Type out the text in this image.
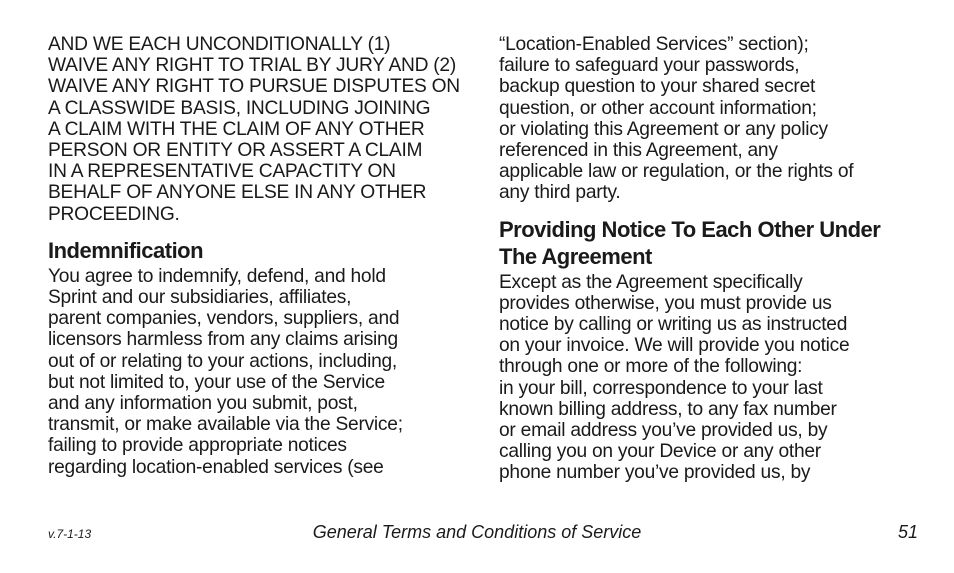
AND WE EACH UNCONDITIONALLY (1)
WAIVE ANY RIGHT TO TRIAL BY JURY AND (2)
WAIVE ANY RIGHT TO PURSUE DISPUTES ON
A CLASSWIDE BASIS, INCLUDING JOINING
A CLAIM WITH THE CLAIM OF ANY OTHER
PERSON OR ENTITY OR ASSERT A CLAIM
IN A REPRESENTATIVE CAPACTITY ON
BEHALF OF ANYONE ELSE IN ANY OTHER
PROCEEDING.

Indemnification

You agree to indemnify, defend, and hold
Sprint and our subsidiaries, affiliates,
parent companies, vendors, suppliers, and
licensors harmless from any claims arising
out of or relating to your actions, including,
but not limited to, your use of the Service
and any information you submit, post,
transmit, or make available via the Service;
failing to provide appropriate notices
regarding location-enabled services (see

“Location-Enabled Services” section);
failure to safeguard your passwords,
backup question to your shared secret
question, or other account information;
or violating this Agreement or any policy
referenced in this Agreement, any
applicable law or regulation, or the rights of
any third party.

Providing Notice To Each Other Under
The Agreement

Except as the Agreement specifically
provides otherwise, you must provide us
notice by calling or writing us as instructed
on your invoice. We will provide you notice
through one or more of the following:
in your bill, correspondence to your last
known billing address, to any fax number
or email address you’ve provided us, by
calling you on your Device or any other
phone number you’ve provided us, by

v.7-1-13	General Terms and Conditions of Service	51
